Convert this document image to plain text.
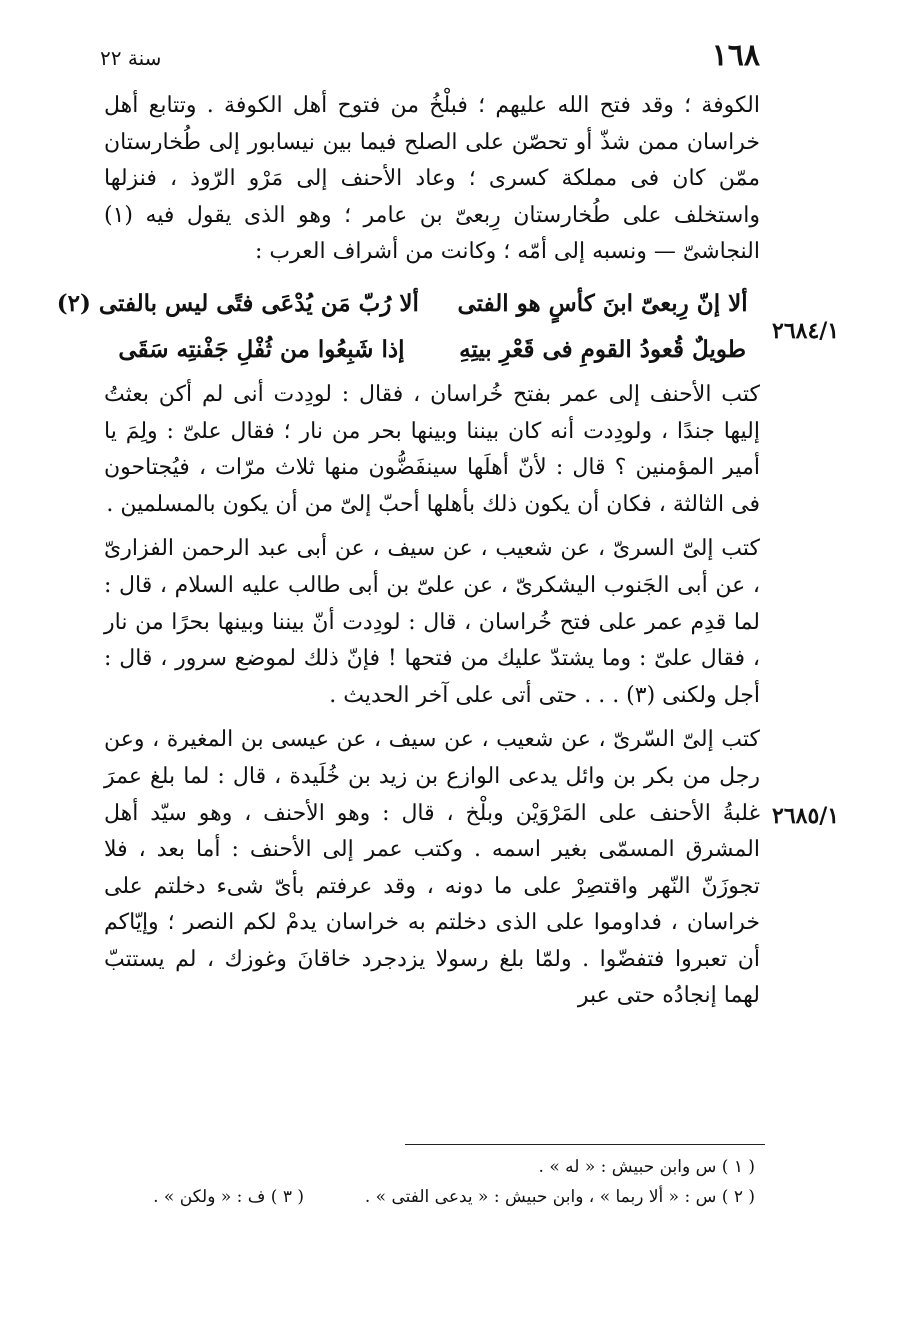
١٦٨
سنة ٢٢

الكوفة ؛ وقد فتح الله عليهم ؛ فبلْخُ من فتوح أهل الكوفة . وتتابع أهل خراسان ممن شذّ أو تحصّن على الصلح فيما بين نيسابور إلى طُخارستان ممّن كان فى مملكة كسرى ؛ وعاد الأحنف إلى مَرْو الرّوذ ، فنزلها واستخلف على طُخارستان رِبعىّ بن عامر ؛ وهو الذى يقول فيه (١) النجاشىّ — ونسبه إلى أمّه ؛ وكانت من أشراف العرب :

ألا إنّ رِبعىّ ابنَ كأسٍ هو الفتى
ألا رُبّ مَن يُدْعَى فتًى ليس بالفتى (٢)
طويلٌ قُعودُ القومِ فى قَعْرِ بيتِهِ
إذا شَبِعُوا من ثُفْلِ جَفْنتِه سَقَى

كتب الأحنف إلى عمر بفتح خُراسان ، فقال : لودِدت أنى لم أكن بعثتُ إليها جندًا ، ولودِدت أنه كان بيننا وبينها بحر من نار ؛ فقال علىّ : ولِمَ يا أمير المؤمنين ؟ قال : لأنّ أهلَها سينفَضُّون منها ثلاث مرّات ، فيُجتاحون فى الثالثة ، فكان أن يكون ذلك بأهلها أحبّ إلىّ من أن يكون بالمسلمين .

كتب إلىّ السرىّ ، عن شعيب ، عن سيف ، عن أبى عبد الرحمن الفزارىّ ، عن أبى الجَنوب اليشكرىّ ، عن علىّ بن أبى طالب عليه السلام ، قال : لما قدِم عمر على فتح خُراسان ، قال : لودِدت أنّ بيننا وبينها بحرًا من نار ، فقال علىّ : وما يشتدّ عليك من فتحها ! فإنّ ذلك لموضع سرور ، قال : أجل ولكنى (٣) . . . حتى أتى على آخر الحديث .

كتب إلىّ السّرىّ ، عن شعيب ، عن سيف ، عن عيسى بن المغيرة ، وعن رجل من بكر بن وائل يدعى الوازع بن زيد بن خُلَيدة ، قال : لما بلغ عمرَ غلبةُ الأحنف على المَرْوَيْن وبلْخ ، قال : وهو الأحنف ، وهو سيّد أهل المشرق المسمّى بغير اسمه . وكتب عمر إلى الأحنف : أما بعد ، فلا تجوزَنّ النّهر واقتصِرْ على ما دونه ، وقد عرفتم بأىّ شىء دخلتم على خراسان ، فداوموا على الذى دخلتم به خراسان يدمْ لكم النصر ؛ وإيّاكم أن تعبروا فتفضّوا . ولمّا بلغ رسولا يزدجرد خاقانَ وغوزك ، لم يستتبّ لهما إنجادُه حتى عبر

٢٦٨٤/١
٢٦٨٥/١
( ١ ) س وابن حبيش : « له » .
( ٢ ) س : « ألا ربما » ، وابن حبيش : « يدعى الفتى » .  ( ٣ ) ف : « ولكن » .
